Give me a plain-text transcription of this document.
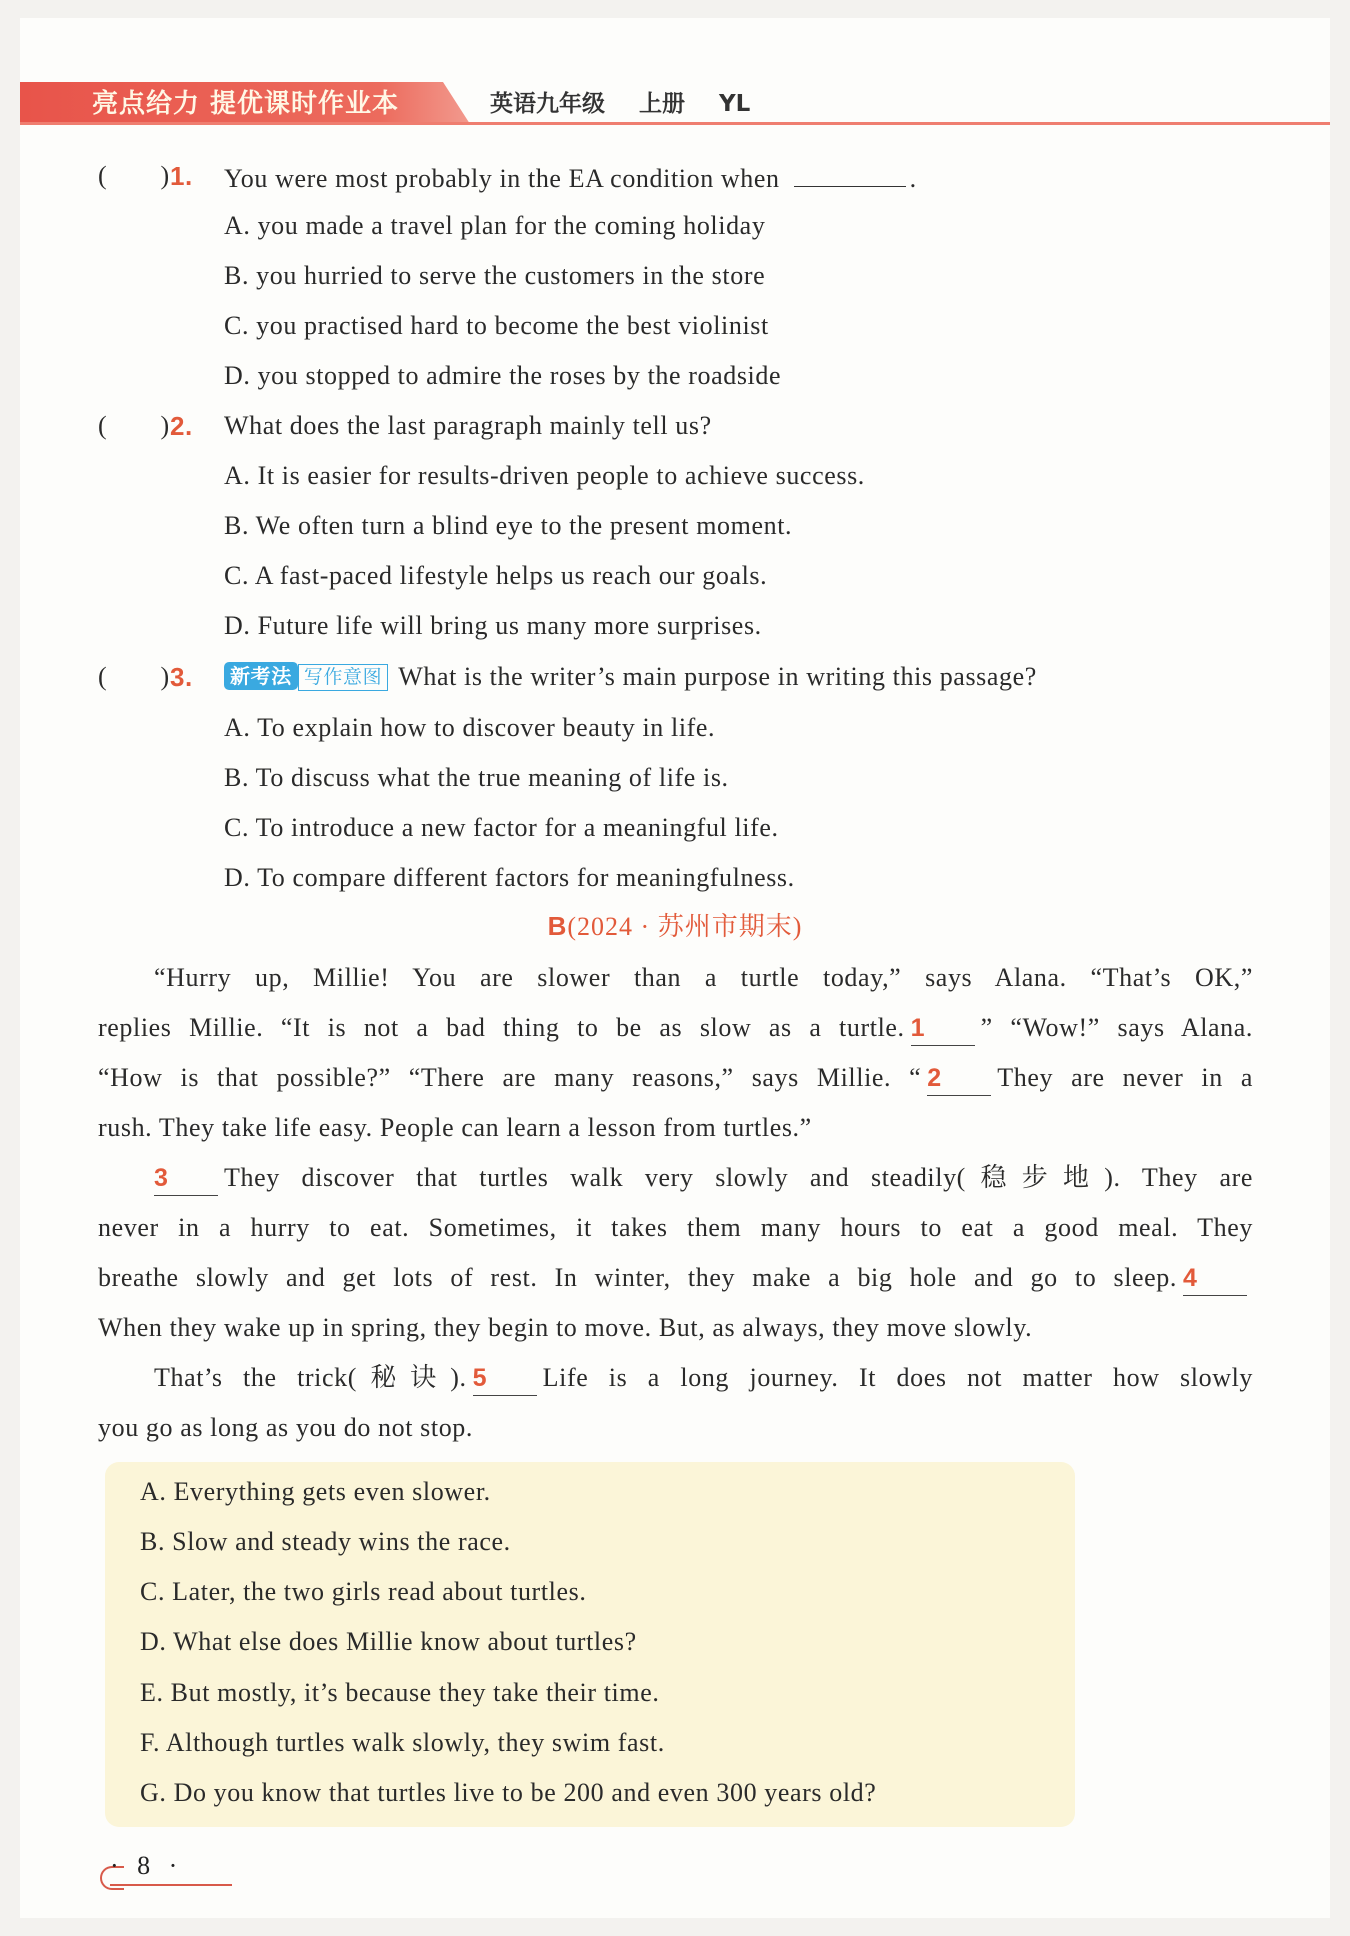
亮点给力 提优课时作业本	英语九年级 上册 YL
(　　) 1. You were most probably in the EA condition when	.
A. you made a travel plan for the coming holiday
B. you hurried to serve the customers in the store
C. you practised hard to become the best violinist
D. you stopped to admire the roses by the roadside
(　　) 2. What does the last paragraph mainly tell us?
A. It is easier for results-driven people to achieve success.
B. We often turn a blind eye to the present moment.
C. A fast-paced lifestyle helps us reach our goals.
D. Future life will bring us many more surprises.
(　　) 3.	新考法 写作意图 What is the writer’s main purpose in writing this passage?
A. To explain how to discover beauty in life.
B. To discuss what the true meaning of life is.
C. To introduce a new factor for a meaningful life.
D. To compare different factors for meaningfulness.
B(2024 · 苏州市期末)
“Hurry up, Millie! You are slower than a turtle today,” says Alana. “That’s OK,”
replies Millie. “It is not a bad thing to be as slow as a turtle. 1 ” “Wow!” says Alana.
“How is that possible?” “There are many reasons,” says Millie. “ 2 They are never in a
rush. They take life easy. People can learn a lesson from turtles.”
3 They discover that turtles walk very slowly and steadily(稳步地). They are
never in a hurry to eat. Sometimes, it takes them many hours to eat a good meal. They
breathe slowly and get lots of rest. In winter, they make a big hole and go to sleep. 4
When they wake up in spring, they begin to move. But, as always, they move slowly.
That’s the trick(秘诀). 5 Life is a long journey. It does not matter how slowly
you go as long as you do not stop.
A. Everything gets even slower.
B. Slow and steady wins the race.
C. Later, the two girls read about turtles.
D. What else does Millie know about turtles?
E. But mostly, it’s because they take their time.
F. Although turtles walk slowly, they swim fast.
G. Do you know that turtles live to be 200 and even 300 years old?
· 8 ·
